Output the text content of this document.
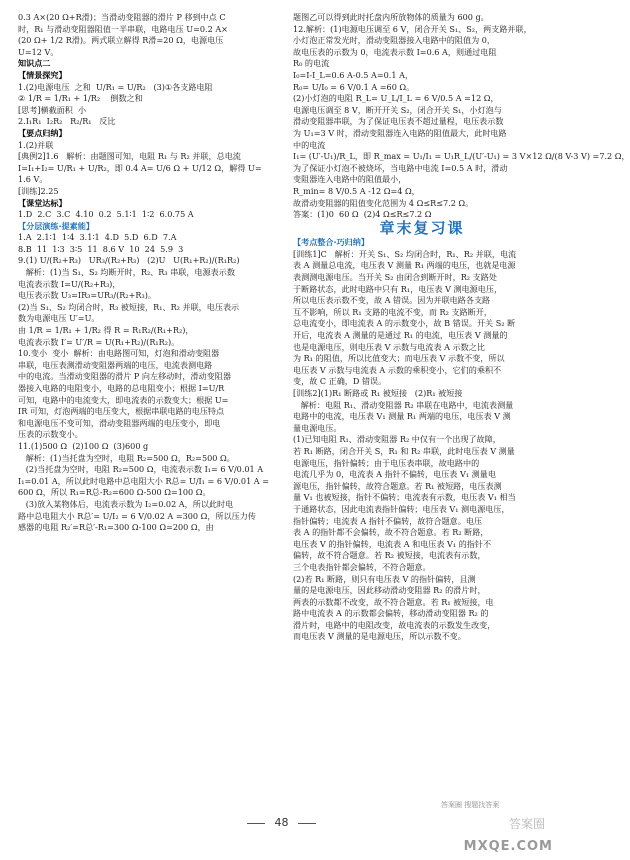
0.3 A×(20 Ω+R滑)；当滑动变阻器的滑片 P 移到中点 C
时，R₁ 与滑动变阻器阻值一半串联，电路电压 U=0.2 A×
(20 Ω+ 1/2 R滑)。两式联立解得 R滑=20 Ω，电源电压
U=12 V。
知识点二
【情景探究】
1.(2)电源电压  之和  U/R₁ = U/R₂   (3)①各支路电阻
② 1/R = 1/R₁ + 1/R₂    倒数之和
[思考]横截面积  小
2.I₁R₁  I₂R₂   R₂/R₁   反比
【要点归纳】
1.(2)并联
[典例2]1.6   解析：由题图可知，电阻 R₁ 与 R₂ 并联，总电流
I=I₁+I₂= U/R₁ + U/R₂，即 0.4 A= U/6 Ω + U/12 Ω，解得 U=
1.6 V。
[训练]2.25
【课堂达标】
1.D  2.C  3.C  4.10  0.2  5.1∶1  1∶2  6.0.75 A
【分层演练·提素能】
1.A  2.1∶1  1∶4  3.1∶1  4.D  5.D  6.D  7.A
8.B  11  1∶3  3∶5  11  8.6 V  10  24  5.9  3
9.(1) U/(R₂+R₃)   UR₃/(R₂+R₃)   (2)U   U(R₁+R₂)/(R₁R₂)
解析：(1)当 S₁、S₂ 均断开时，R₂、R₃ 串联，电源表示数
电流表示数 I=U/(R₂+R₃)，
电压表示数 U₃=IR₃=UR₃/(R₂+R₃)。
(2)当 S₁、S₂ 均闭合时，R₃ 被短接，R₁、R₂ 并联，电压表示
数为电源电压 U′=U。
由 1/R = 1/R₁ + 1/R₂ 得 R = R₁R₂/(R₁+R₂)，
电流表示数 I′= U′/R = U(R₁+R₂)/(R₁R₂)。
10.变小  变小  解析：由电路图可知，灯泡和滑动变阻器
串联，电压表测滑动变阻器两端的电压，电流表测电路
中的电流。当滑动变阻器的滑片 P 向左移动时，滑动变阻器
器接入电路的电阻变小，电路的总电阻变小；根据 I=U/R
可知，电路中的电流变大，即电流表的示数变大；根据 U=
IR 可知，灯泡两端的电压变大，根据串联电路的电压特点
和电源电压不变可知，滑动变阻器两端的电压变小，即电
压表的示数变小。
11.(1)500 Ω  (2)100 Ω  (3)600 g
解析：(1)当托盘为空时，电阻 R₂=500 Ω，R₂=500 Ω。
(2)当托盘为空时，电阻 R₂=500 Ω，电流表示数 I₁= 6 V/0.01 A
I₁=0.01 A，所以此时电路中总电阻大小 R总= U/I₁ = 6 V/0.01 A =
600 Ω，所以 R₁=R总-R₂=600 Ω-500 Ω=100 Ω。
(3)放入某物体后，电流表示数为 I₂=0.02 A，所以此时电
路中总电阻大小 R总′= U/I₂ = 6 V/0.02 A =300 Ω，所以压力传
感器的电阻 R₂′=R总′-R₁=300 Ω-100 Ω=200 Ω，由
题图乙可以得到此时托盘内所放物体的质量为 600 g。
12.解析：(1)电源电压调至 6 V，闭合开关 S₁、S₂，两支路并联，
小灯泡正常发光时，滑动变阻器接入电路中的阻值为 0，
故电压表的示数为 0，电流表示数 I=0.6 A，则通过电阻
R₀ 的电流
I₀=I-I_L=0.6 A-0.5 A=0.1 A，
R₀= U/I₀ = 6 V/0.1 A =60 Ω。
(2)小灯泡的电阻 R_L= U_L/I_L = 6 V/0.5 A =12 Ω，
电源电压调至 8 V，断开开关 S₂，闭合开关 S₁，小灯泡与
滑动变阻器串联，为了保证电压表不超过量程，电压表示数
为 U₁=3 V 时，滑动变阻器连入电路的阻值最大，此时电路
中的电流
I₁= (U′-U₁)/R_L，即 R_max = U₁/I₁ = U₁R_L/(U′-U₁) = 3 V×12 Ω/(8 V-3 V) =7.2 Ω，
为了保证小灯泡不被烧坏，当电路中电流 I=0.5 A 时，滑动
变阻器连入电路中的阻值最小，
R_min= 8 V/0.5 A -12 Ω=4 Ω，
故滑动变阻器的阻值变化范围为 4 Ω≤R≤7.2 Ω。
答案：(1)0  60 Ω  (2)4 Ω≤R≤7.2 Ω
章末复习课
【考点整合·巧归纳】
[训练1]C   解析：开关 S₁、S₂ 均闭合时，R₁、R₂ 并联，电流
表 A 测量总电流，电压表 V 测量 R₁ 两端的电压，也就是电源
表测测电源电压。当开关 S₂ 由闭合到断开时，R₂ 支路处
于断路状态，此时电路中只有 R₁，电压表 V 测电源电压，
所以电压表示数不变，故 A 错误。因为并联电路各支路
互不影响，所以 R₁ 支路的电流不变，而 R₂ 支路断开，
总电流变小，即电流表 A 的示数变小，故 B 错误。开关 S₂ 断
开后，电流表 A 测量的是通过 R₁ 的电流，电压表 V 测量的
也是电源电压，则电压表 V 示数与电流表 A 示数之比
为 R₁ 的阻值，所以比值变大；而电压表 V 示数不变，所以
电压表 V 示数与电流表 A 示数的乘积变小，它们的乘积不
变，故 C 正确，D 错误。
[训练2](1)R₁ 断路或 R₁ 被短接   (2)R₁ 被短接
解析：电阻 R₁、滑动变阻器 R₂ 串联在电路中，电流表测量
电路中的电流，电压表 V₁ 测量 R₁ 两端的电压，电压表 V 测
量电源电压。
(1)已知电阻 R₁、滑动变阻器 R₂ 中仅有一个出现了故障，
若 R₁ 断路，闭合开关 S，R₁ 和 R₂ 串联，此时电压表 V 测量
电源电压，指针偏转；由于电压表串联，故电路中的
电流几乎为 0，电流表 A 指针不偏转，电压表 V₁ 测量电
源电压，指针偏转，故符合题意。若 R₁ 被短路，电压表测
量 V₁ 也被短接，指针不偏转；电流表有示数，电压表 V₁ 相当
于通路状态，因此电流表指针偏转；电压表 V₁ 测电源电压，
指针偏转；电流表 A 指针不偏转，故符合题意。电压
表 A 的指针都不会偏转，故不符合题意。若 R₂ 断路，
电压表 V 的指针偏转，电流表 A 和电压表 V₁ 的指针不
偏转，故不符合题意。若 R₂ 被短接，电流表有示数，
三个电表指针都会偏转，不符合题意。
(2)若 R₁ 断路，则只有电压表 V 的指针偏转，且测
量的是电源电压，因此移动滑动变阻器 R₂ 的滑片时，
两表的示数都不改变，故不符合题意。若 R₁ 被短接，电
路中电流表 A 的示数都会偏转，移动滑动变阻器 R₂ 的
滑片时，电路中的电阻改变，故电流表的示数发生改变，
而电压表 V 测量的是电源电压，所以示数不变。
48
答案圈 搜题找答案
答案圈
MXQE.COM
